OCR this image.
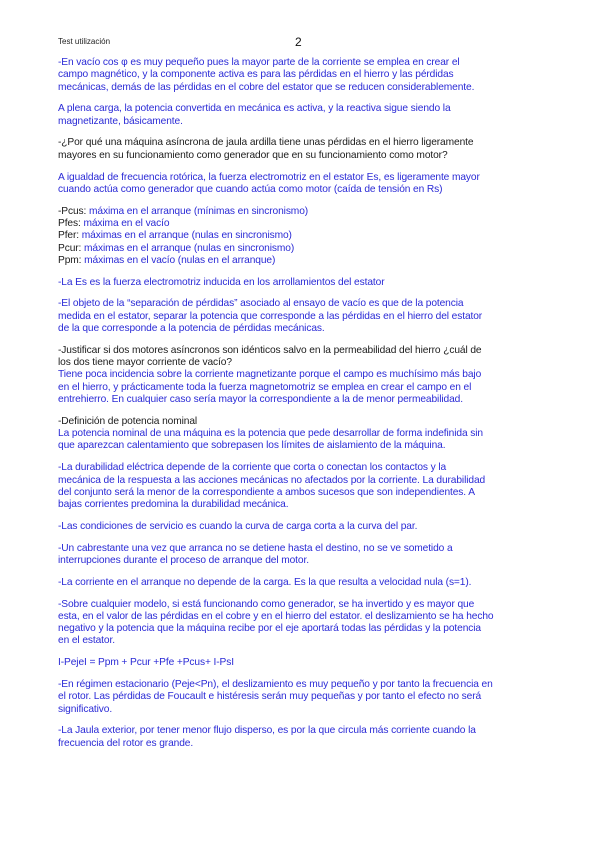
Test utilización	2
-En vacío cos φ es muy pequeño pues la mayor parte de la corriente se emplea en crear el
campo magnético, y la componente activa es para las pérdidas en el hierro y las pérdidas
mecánicas, demás de las pérdidas en el cobre del estator que se reducen considerablemente.
A plena carga, la potencia convertida en mecánica es activa, y la reactiva sigue siendo la
magnetizante, básicamente.
-¿Por qué una máquina asíncrona de jaula ardilla tiene unas pérdidas en el hierro ligeramente
mayores en su funcionamiento como generador que en su funcionamiento como motor?
A igualdad de frecuencia rotórica, la fuerza electromotriz en el estator Es, es ligeramente mayor
cuando actúa como generador que cuando actúa como motor (caída de tensión en Rs)
-Pcus: máxima en el arranque (mínimas en sincronismo)
Pfes: máxima en el vacío
Pfer: máximas en el arranque (nulas en sincronismo)
Pcur: máximas en el arranque (nulas en sincronismo)
Ppm: máximas en el vacío (nulas en el arranque)
-La Es es la fuerza electromotriz inducida en los arrollamientos del estator
-El objeto de la “separación de pérdidas” asociado al ensayo de vacío es que de la potencia
medida en el estator, separar la potencia que corresponde a las pérdidas en el hierro del estator
de la que corresponde a la potencia de pérdidas mecánicas.
-Justificar si dos motores asíncronos son idénticos salvo en la permeabilidad del hierro ¿cuál de
los dos tiene mayor corriente de vacío?
Tiene poca incidencia sobre la corriente magnetizante porque el campo es muchísimo más bajo
en el hierro, y prácticamente toda la fuerza magnetomotriz se emplea en crear el campo en el
entrehierro. En cualquier caso sería mayor la correspondiente a la de menor permeabilidad.
-Definición de potencia nominal
La potencia nominal de una máquina es la potencia que pede desarrollar de forma indefinida sin
que aparezcan calentamiento que sobrepasen los límites de aislamiento de la máquina.
-La durabilidad eléctrica depende de la corriente que corta o conectan los contactos y la
mecánica de la respuesta a las acciones mecánicas no afectados por la corriente. La durabilidad
del conjunto será la menor de la correspondiente a ambos sucesos que son independientes. A
bajas corrientes predomina la durabilidad mecánica.
-Las condiciones de servicio es cuando la curva de carga corta a la curva del par.
-Un cabrestante una vez que arranca no se detiene hasta el destino, no se ve sometido a
interrupciones durante el proceso de arranque del motor.
-La corriente en el arranque no depende de la carga. Es la que resulta a velocidad nula (s=1).
-Sobre cualquier modelo, si está funcionando como generador, se ha invertido y es mayor que
esta, en el valor de las pérdidas en el cobre y en el hierro del estator. el deslizamiento se ha hecho
negativo y la potencia que la máquina recibe por el eje aportará todas las pérdidas y la potencia
en el estator.
I-PejeI = Ppm + Pcur +Pfe +Pcus+ I-PsI
-En régimen estacionario (Peje<Pn), el deslizamiento es muy pequeño y por tanto la frecuencia en
el rotor. Las pérdidas de Foucault e histéresis serán muy pequeñas y por tanto el efecto no será
significativo.
-La Jaula exterior, por tener menor flujo disperso, es por la que circula más corriente cuando la
frecuencia del rotor es grande.
